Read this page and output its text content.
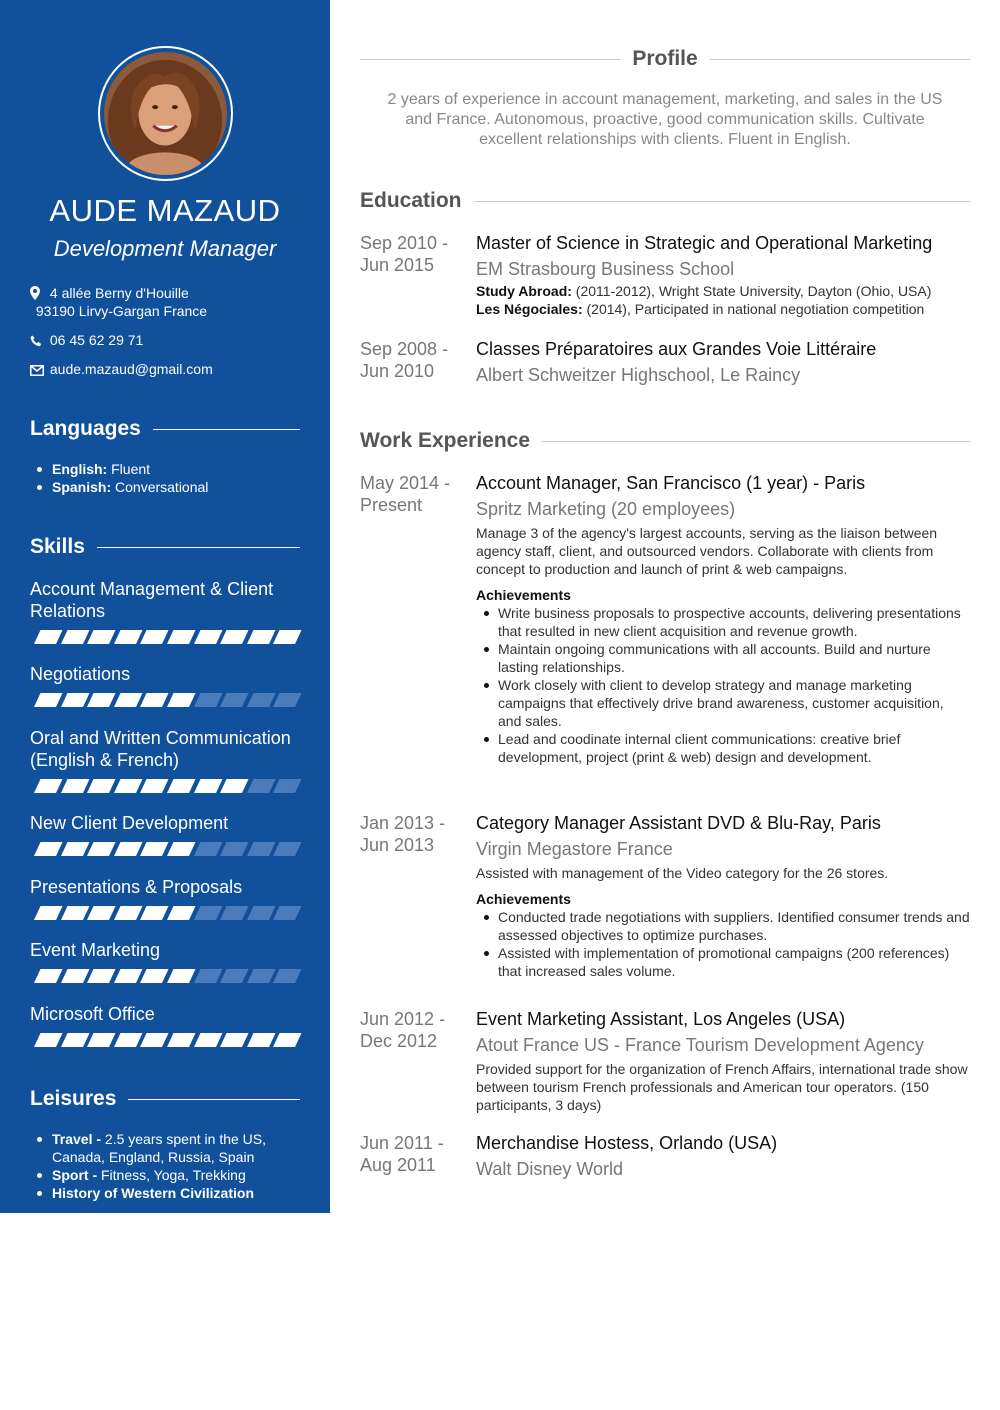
AUDE MAZAUD
Development Manager
4 allée Berny d'Houille
93190 Lirvy-Gargan France
06 45 62 29 71
aude.mazaud@gmail.com
Languages
English: Fluent
Spanish: Conversational
Skills
Account Management & Client Relations
Negotiations
Oral and Written Communication (English & French)
New Client Development
Presentations & Proposals
Event Marketing
Microsoft Office
Leisures
Travel - 2.5 years spent in the US, Canada, England, Russia, Spain
Sport - Fitness, Yoga, Trekking
History of Western Civilization
Profile
2 years of experience in account management, marketing, and sales in the US and France. Autonomous, proactive, good communication skills. Cultivate excellent relationships with clients. Fluent in English.
Education
Sep 2010 -
Jun 2015
Master of Science in Strategic and Operational Marketing
EM Strasbourg Business School
Study Abroad: (2011-2012), Wright State University, Dayton (Ohio, USA)
Les Négociales: (2014), Participated in national negotiation competition
Sep 2008 -
Jun 2010
Classes Préparatoires aux Grandes Voie Littéraire
Albert Schweitzer Highschool, Le Raincy
Work Experience
May 2014 -
Present
Account Manager, San Francisco (1 year) - Paris
Spritz Marketing (20 employees)
Manage 3 of the agency's largest accounts, serving as the liaison between agency staff, client, and outsourced vendors. Collaborate with clients from concept to production and launch of print & web campaigns.
Achievements
Write business proposals to prospective accounts, delivering presentations that resulted in new client acquisition and revenue growth.
Maintain ongoing communications with all accounts. Build and nurture lasting relationships.
Work closely with client to develop strategy and manage marketing campaigns that effectively drive brand awareness, customer acquisition, and sales.
Lead and coodinate internal client communications: creative brief development, project (print & web) design and development.
Jan 2013 -
Jun 2013
Category Manager Assistant DVD & Blu-Ray, Paris
Virgin Megastore France
Assisted with management of the Video category for the 26 stores.
Achievements
Conducted trade negotiations with suppliers. Identified consumer trends and assessed objectives to optimize purchases.
Assisted with implementation of promotional campaigns (200 references) that increased sales volume.
Jun 2012 -
Dec 2012
Event Marketing Assistant, Los Angeles (USA)
Atout France US - France Tourism Development Agency
Provided support for the organization of French Affairs, international trade show between tourism French professionals and American tour operators. (150 participants, 3 days)
Jun 2011 -
Aug 2011
Merchandise Hostess, Orlando (USA)
Walt Disney World
